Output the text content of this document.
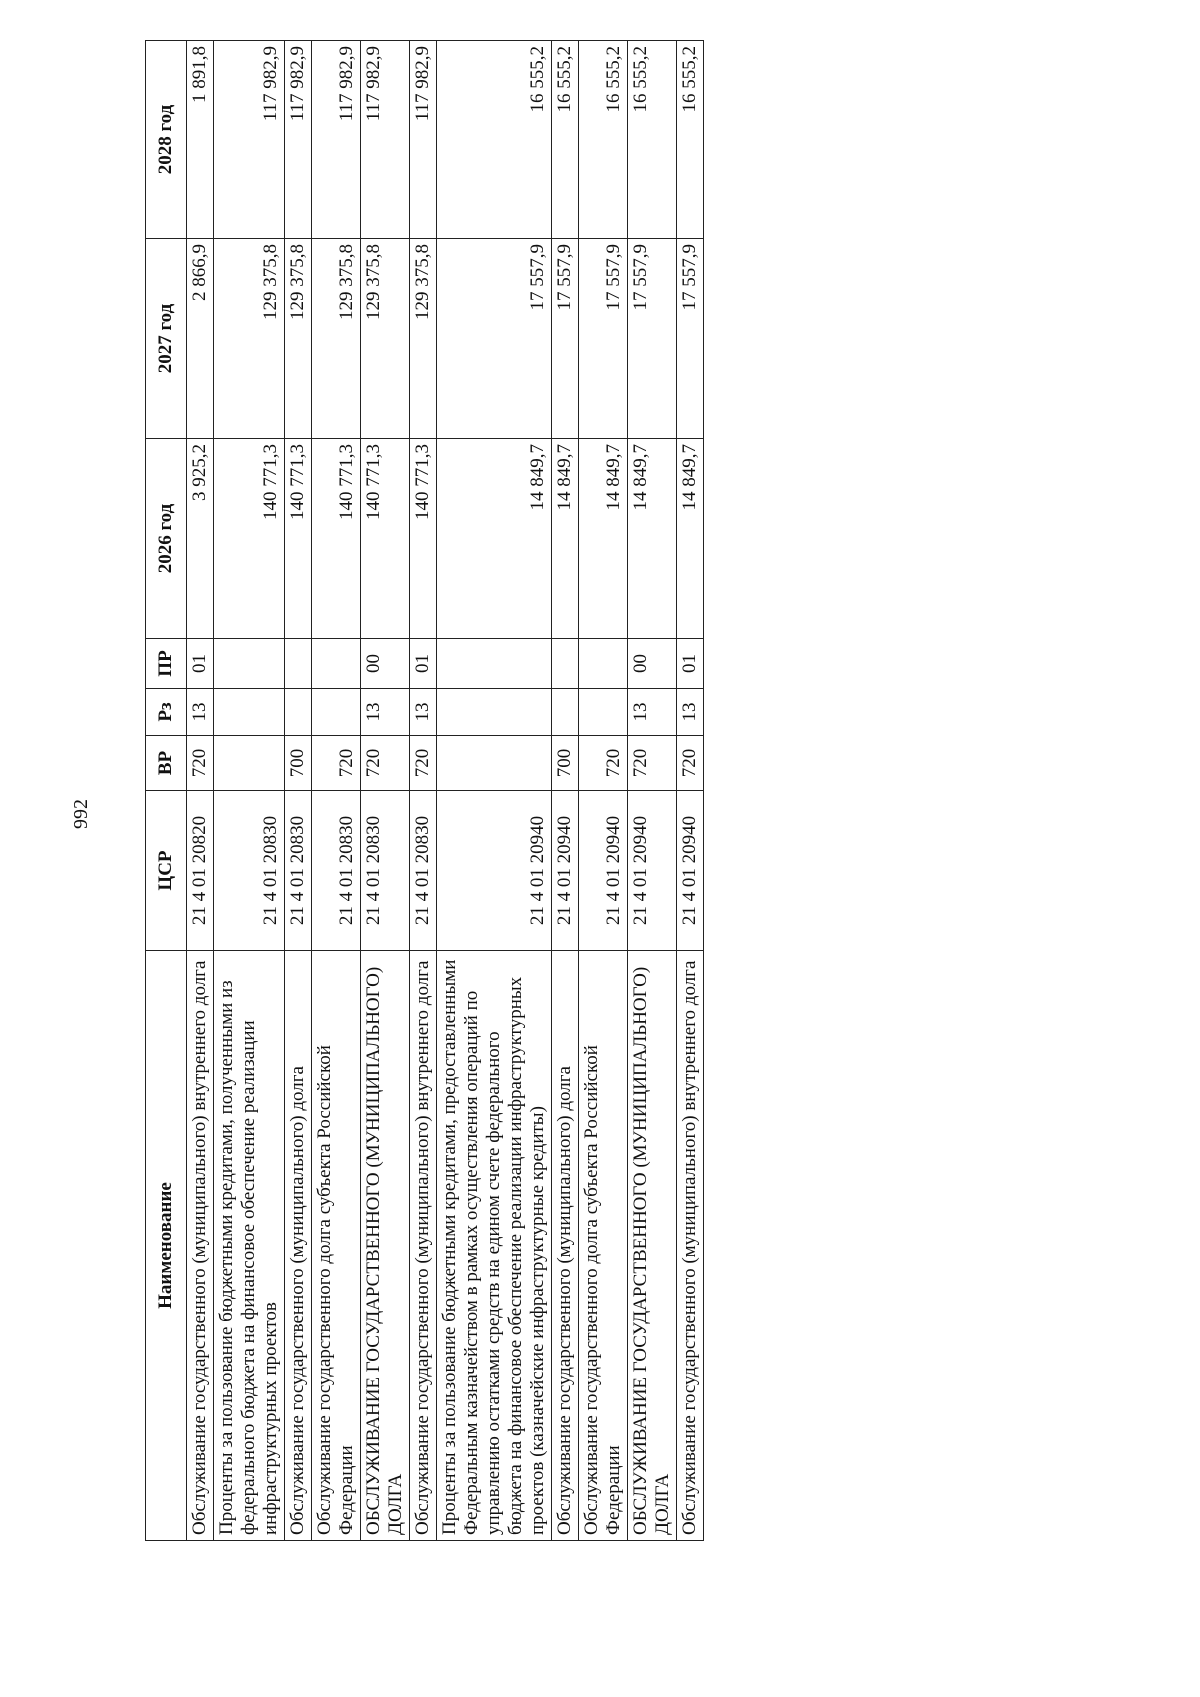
992
Наименование	ЦСР	ВР	Рз	ПР	2026 год	2027 год	2028 год
Обслуживание государственного (муниципального) внутреннего долга	21 4 01 20820	720	13	01	3 925,2	2 866,9	1 891,8
Проценты за пользование бюджетными кредитами, полученными из федерального бюджета на финансовое обеспечение реализации инфраструктурных проектов	21 4 01 20830				140 771,3	129 375,8	117 982,9
Обслуживание государственного (муниципального) долга	21 4 01 20830	700			140 771,3	129 375,8	117 982,9
Обслуживание государственного долга субъекта Российской Федерации	21 4 01 20830	720			140 771,3	129 375,8	117 982,9
ОБСЛУЖИВАНИЕ ГОСУДАРСТВЕННОГО (МУНИЦИПАЛЬНОГО) ДОЛГА	21 4 01 20830	720	13	00	140 771,3	129 375,8	117 982,9
Обслуживание государственного (муниципального) внутреннего долга	21 4 01 20830	720	13	01	140 771,3	129 375,8	117 982,9
Проценты за пользование бюджетными кредитами, предоставленными Федеральным казначейством в рамках осуществления операций по управлению остатками средств на едином счете федерального бюджета на финансовое обеспечение реализации инфраструктурных проектов (казначейские инфраструктурные кредиты)	21 4 01 20940				14 849,7	17 557,9	16 555,2
Обслуживание государственного (муниципального) долга	21 4 01 20940	700			14 849,7	17 557,9	16 555,2
Обслуживание государственного долга субъекта Российской Федерации	21 4 01 20940	720			14 849,7	17 557,9	16 555,2
ОБСЛУЖИВАНИЕ ГОСУДАРСТВЕННОГО (МУНИЦИПАЛЬНОГО) ДОЛГА	21 4 01 20940	720	13	00	14 849,7	17 557,9	16 555,2
Обслуживание государственного (муниципального) внутреннего долга	21 4 01 20940	720	13	01	14 849,7	17 557,9	16 555,2
